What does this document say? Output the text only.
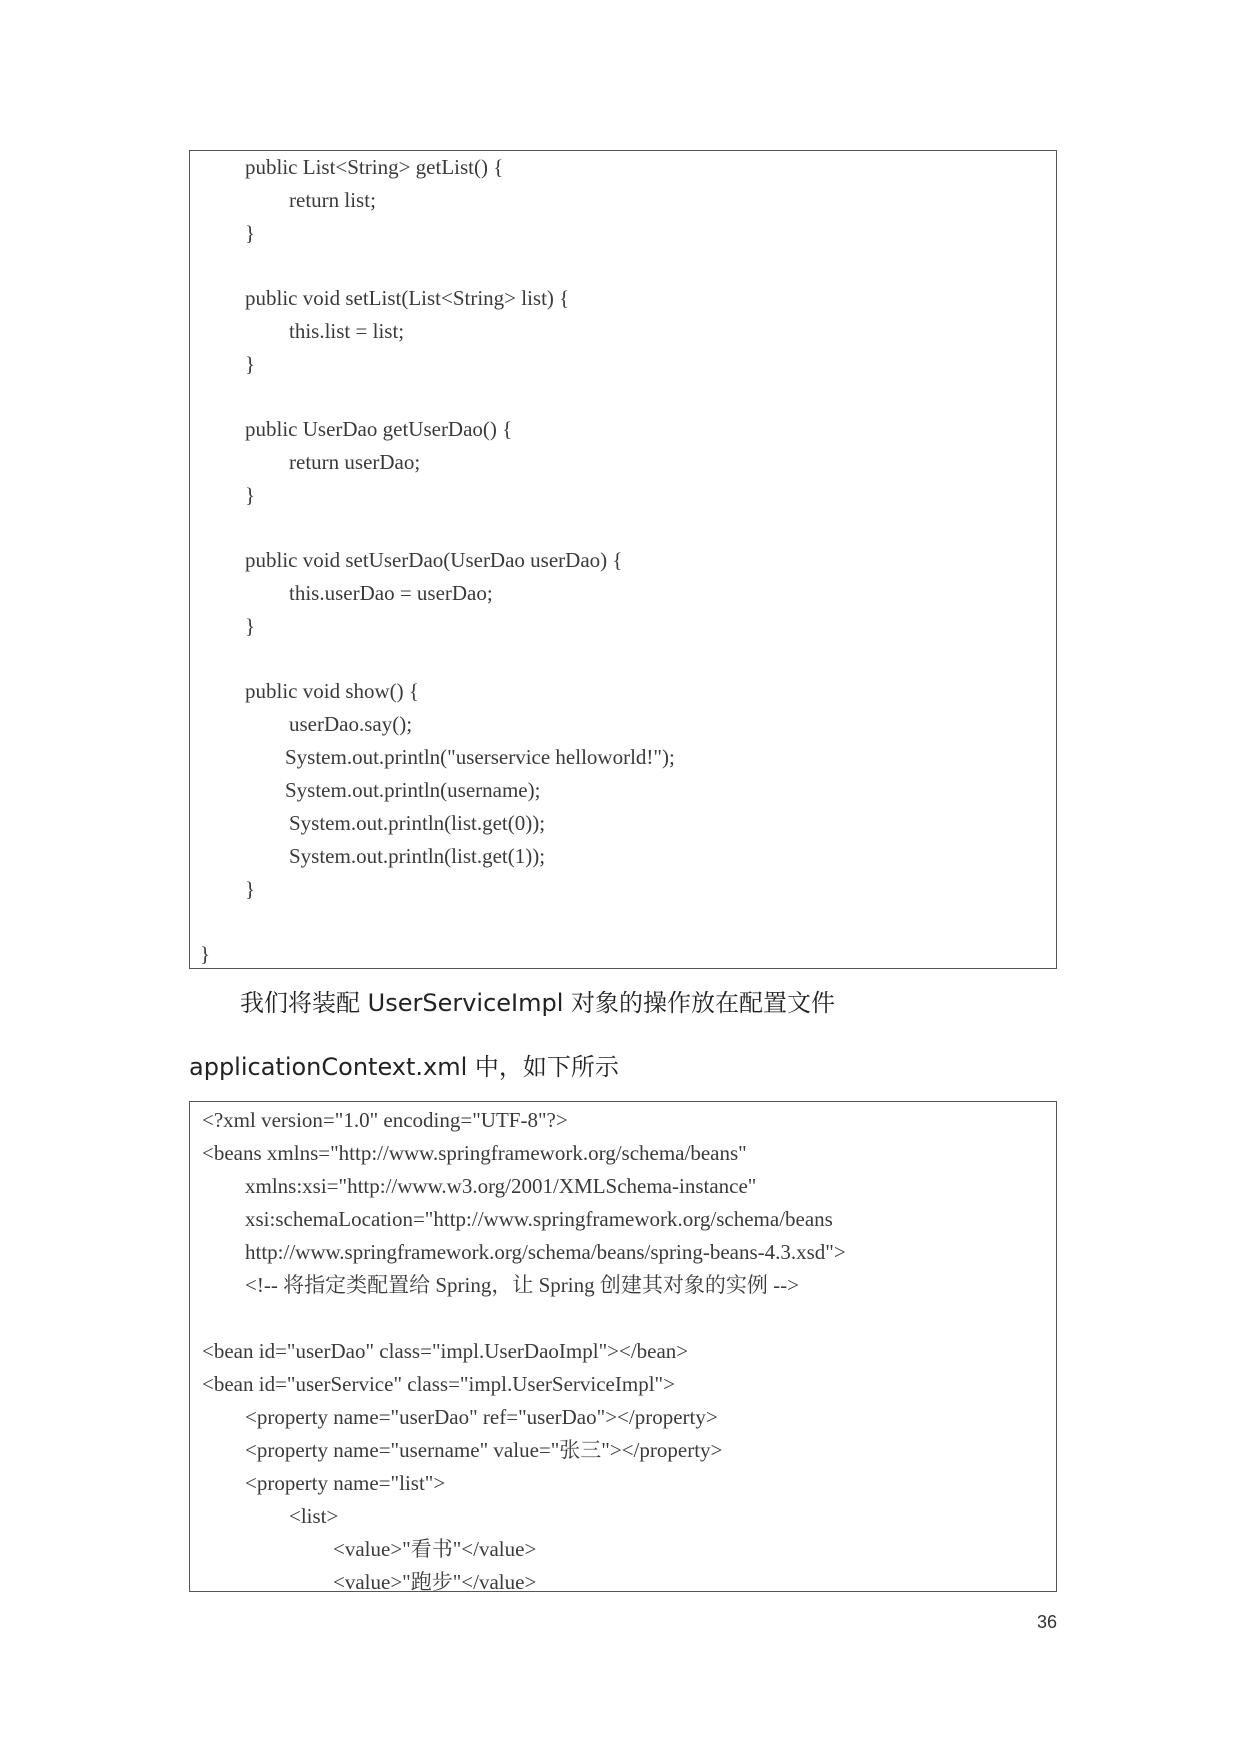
public List<String> getList() {
return list;
}
public void setList(List<String> list) {
this.list = list;
}
public UserDao getUserDao() {
return userDao;
}
public void setUserDao(UserDao userDao) {
this.userDao = userDao;
}
public void show() {
userDao.say();
System.out.println("userservice helloworld!");
System.out.println(username);
System.out.println(list.get(0));
System.out.println(list.get(1));
}
}
我们将装配 UserServiceImpl 对象的操作放在配置文件
applicationContext.xml 中，如下所示
<?xml version="1.0" encoding="UTF-8"?>
<beans xmlns="http://www.springframework.org/schema/beans"
xmlns:xsi="http://www.w3.org/2001/XMLSchema-instance"
xsi:schemaLocation="http://www.springframework.org/schema/beans
http://www.springframework.org/schema/beans/spring-beans-4.3.xsd">
<!-- 将指定类配置给 Spring，让 Spring 创建其对象的实例 -->
<bean id="userDao" class="impl.UserDaoImpl"></bean>
<bean id="userService" class="impl.UserServiceImpl">
<property name="userDao" ref="userDao"></property>
<property name="username" value="张三"></property>
<property name="list">
<list>
<value>"看书"</value>
<value>"跑步"</value>
36
